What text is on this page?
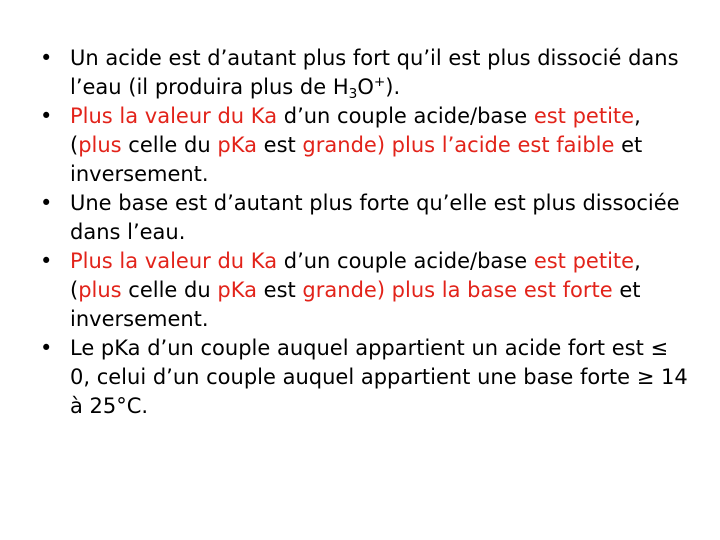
• Un acide est d’autant plus fort qu’il est plus dissocié dans l’eau (il produira plus de $H_3O^+$).
• Plus la valeur du Ka d’un couple acide/base est petite, (plus celle du pKa est grande) plus l’acide est faible et inversement.
• Une base est d’autant plus forte qu’elle est plus dissociée dans l’eau.
• Plus la valeur du Ka d’un couple acide/base est petite, (plus celle du pKa est grande) plus la base est forte et inversement.
• Le pKa d’un couple auquel appartient un acide fort est ≤ 0, celui d’un couple auquel appartient une base forte ≥ 14 à 25°C.
